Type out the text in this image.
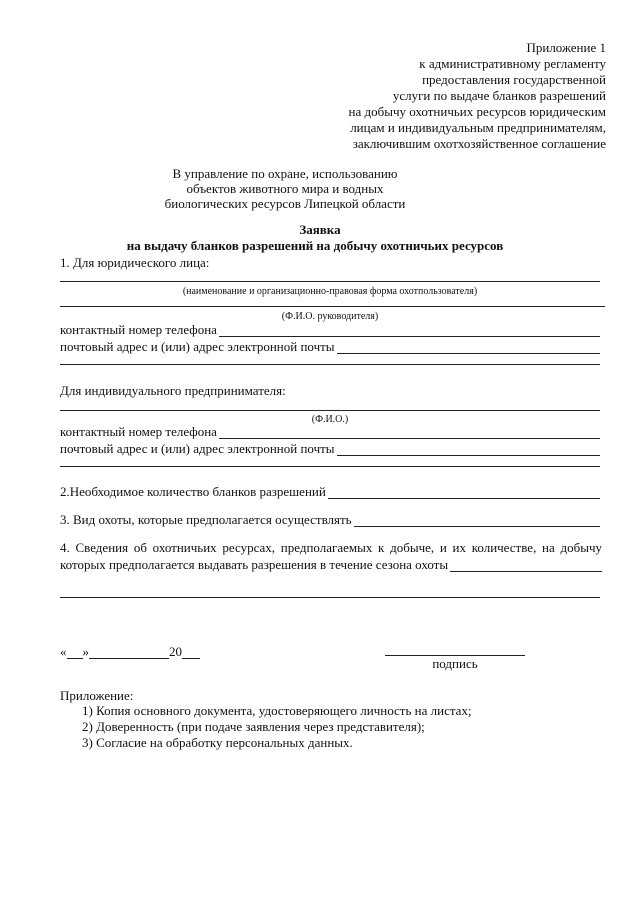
Приложение 1
к административному регламенту
предоставления государственной
услуги по выдаче бланков разрешений
на добычу охотничьих ресурсов юридическим
лицам и индивидуальным предпринимателям,
заключившим охотхозяйственное соглашение
В управление по охране, использованию
объектов животного мира и водных
биологических ресурсов Липецкой области
Заявка
на выдачу бланков разрешений на добычу охотничьих ресурсов
1. Для юридического лица:
(наименование и организационно-правовая форма охотпользователя)
(Ф.И.О. руководителя)
контактный номер телефона
почтовый адрес и (или) адрес электронной почты
Для индивидуального предпринимателя:
(Ф.И.О.)
контактный номер телефона
почтовый адрес и (или) адрес электронной почты
2.Необходимое количество бланков разрешений
3. Вид охоты, которые предполагается осуществлять
4. Сведения об охотничьих ресурсах, предполагаемых к добыче, и их количестве, на добычу
которых предполагается выдавать разрешения в течение сезона охоты
« »	20
подпись
Приложение:
1) Копия основного документа, удостоверяющего личность на листах;
2) Доверенность (при подаче заявления через представителя);
3) Согласие на обработку персональных данных.
